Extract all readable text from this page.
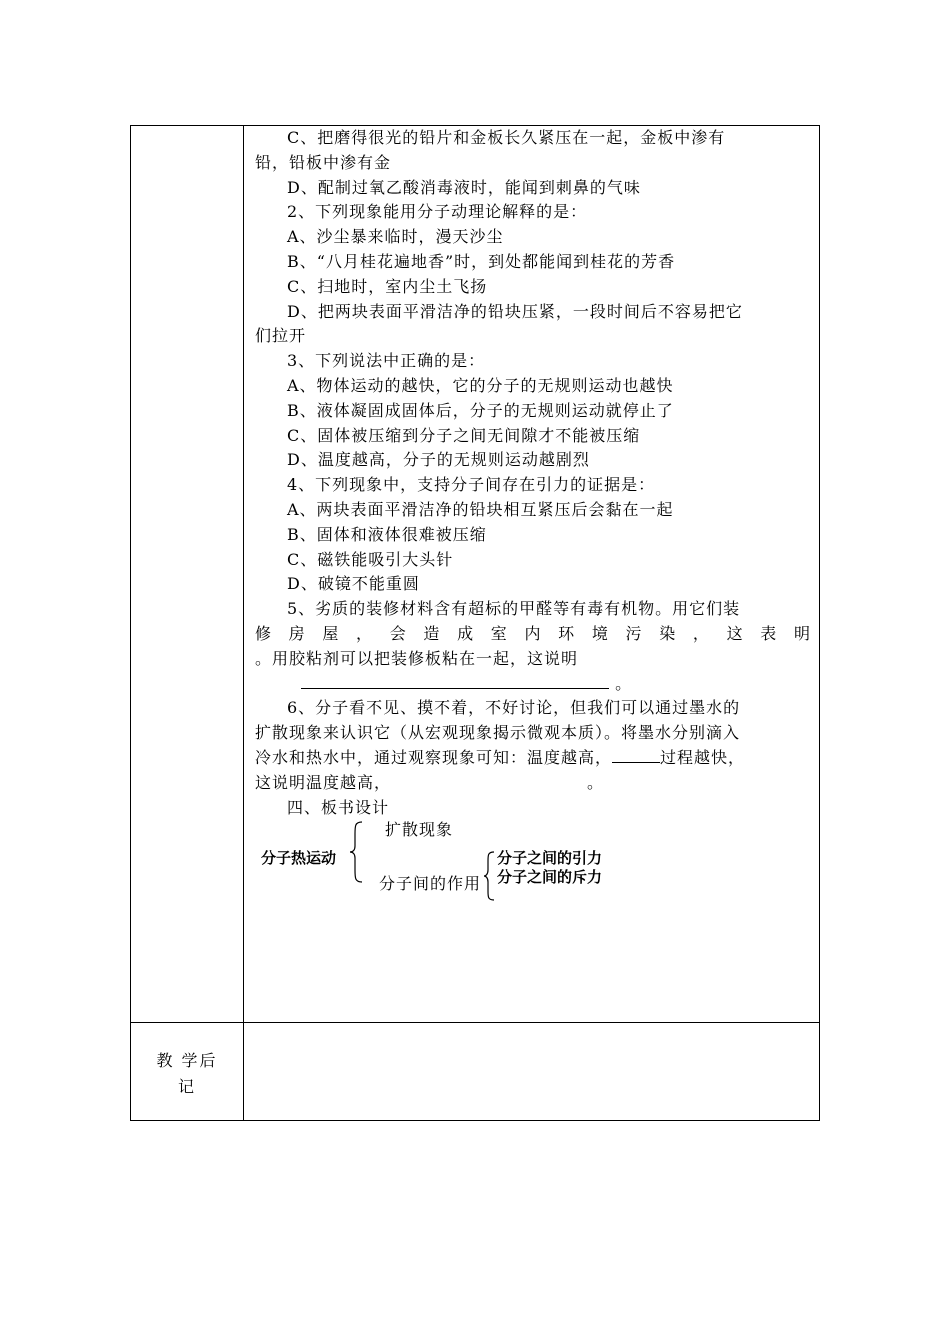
C、把磨得很光的铅片和金板长久紧压在一起，金板中渗有

铅，铅板中渗有金

D、配制过氧乙酸消毒液时，能闻到刺鼻的气味

2、下列现象能用分子动理论解释的是：

A、沙尘暴来临时，漫天沙尘

B、“八月桂花遍地香”时，到处都能闻到桂花的芳香

C、扫地时，室内尘土飞扬

D、把两块表面平滑洁净的铅块压紧，一段时间后不容易把它

们拉开

3、下列说法中正确的是：

A、物体运动的越快，它的分子的无规则运动也越快

B、液体凝固成固体后，分子的无规则运动就停止了

C、固体被压缩到分子之间无间隙才不能被压缩

D、温度越高，分子的无规则运动越剧烈

4、下列现象中，支持分子间存在引力的证据是：

A、两块表面平滑洁净的铅块相互紧压后会黏在一起

B、固体和液体很难被压缩

C、磁铁能吸引大头针

D、破镜不能重圆

5、劣质的装修材料含有超标的甲醛等有毒有机物。用它们装

修房屋，会造成室内环境污染，这表明

。用胶粘剂可以把装修板粘在一起，这说明

。

6、分子看不见、摸不着，不好讨论，但我们可以通过墨水的

扩散现象来认识它（从宏观现象揭示微观本质）。将墨水分别滴入

冷水和热水中，通过观察现象可知：温度越高，	过程越快，

这说明温度越高，	。

四、板书设计

分子热运动
扩散现象
分子间的作用
分子之间的引力
分子之间的斥力
教 学后
记
